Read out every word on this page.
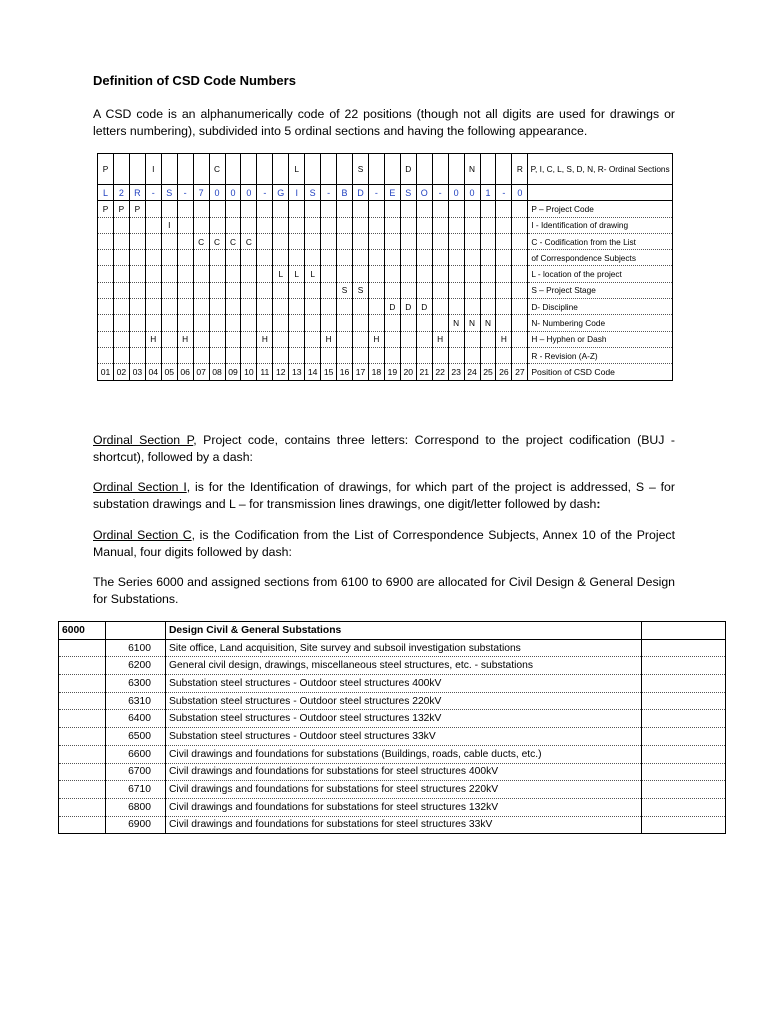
Definition of CSD Code Numbers
A CSD code is an alphanumerically code of 22 positions (though not all digits are used for drawings or letters numbering), subdivided into 5 ordinal sections and having the following appearance.
P			I				C					L				S			D				N			R	P, I, C, L, S, D, N, R- Ordinal Sections
L	2	R	-	S	-	7	0	0	0	-	G	I	S	-	B	D	-	E	S	O	-	0	0	1	-	0	
P	P	P																									P – Project Code
				I																							I - Identification of drawing
						C	C	C	C																		C - Codification from the List
																											of Correspondence Subjects
											L	L	L														L - location of the project
															S	S											S – Project Stage
																		D	D	D							D- Discipline
																						N	N	N			N- Numbering Code
			H		H					H				H			H				H				H		H – Hyphen or Dash
																											R - Revision (A-Z)
01	02	03	04	05	06	07	08	09	10	11	12	13	14	15	16	17	18	19	20	21	22	23	24	25	26	27	Position of CSD Code
Ordinal Section P, Project code, contains three letters: Correspond to the project codification (BUJ - shortcut), followed by a dash:
Ordinal Section I, is for the Identification of drawings, for which part of the project is addressed, S – for substation drawings and L – for transmission lines drawings, one digit/letter followed by dash:
Ordinal Section C, is the Codification from the List of Correspondence Subjects, Annex 10 of the Project Manual, four digits followed by dash:
The Series 6000 and assigned sections from 6100 to 6900 are allocated for Civil Design & General Design for Substations.
6000		Design Civil & General Substations	
	6100	Site office, Land acquisition, Site survey and subsoil investigation substations	
	6200	General civil design, drawings, miscellaneous steel structures, etc. - substations	
	6300	Substation steel structures - Outdoor steel structures 400kV	
	6310	Substation steel structures - Outdoor steel structures 220kV	
	6400	Substation steel structures - Outdoor steel structures 132kV	
	6500	Substation steel structures - Outdoor steel structures 33kV	
	6600	Civil drawings and foundations for substations (Buildings, roads, cable ducts, etc.)	
	6700	Civil drawings and foundations for substations for steel structures 400kV	
	6710	Civil drawings and foundations for substations for steel structures 220kV	
	6800	Civil drawings and foundations for substations for steel structures 132kV	
	6900	Civil drawings and foundations for substations for steel structures 33kV	
